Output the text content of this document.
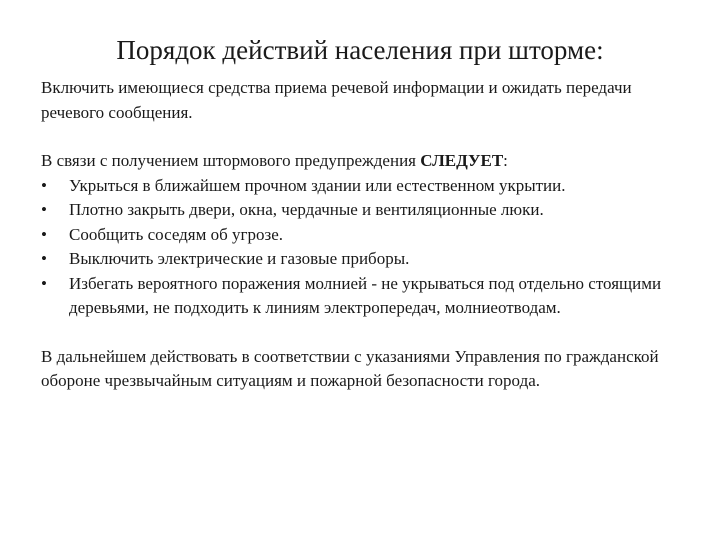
Порядок действий населения при шторме:

Включить имеющиеся средства приема речевой информации и ожидать передачи речевого сообщения.

В связи с получением штормового предупреждения СЛЕДУЕТ:

•	Укрыться в ближайшем прочном здании или естественном укрытии.
•	Плотно закрыть двери, окна, чердачные и вентиляционные люки.
•	Сообщить соседям об угрозе.
•	Выключить электрические и газовые приборы.
•	Избегать вероятного поражения молнией - не укрываться под отдельно стоящими деревьями, не подходить к линиям электропередач, молниеотводам.

В дальнейшем действовать в соответствии с указаниями Управления по гражданской обороне чрезвычайным ситуациям и пожарной безопасности города.
